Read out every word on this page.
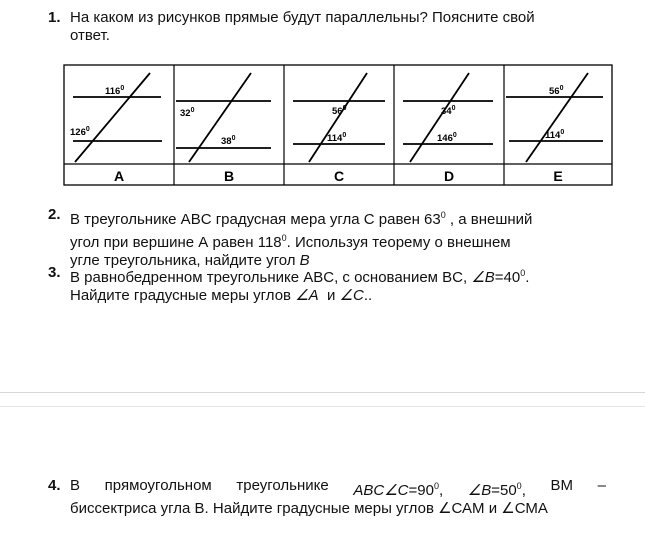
1. На каком из рисунков прямые будут параллельны? Поясните свой
ответ.
$116^0$
$126^0$
A
$32^0$
$38^0$
B
$56^0$
$114^0$
C
$34^0$
$146^0$
D
$56^0$
$114^0$
E
2. В треугольнике ABC градусная мера угла С равен $63^0$ , а внешний
угол при вершине А равен $118^0$. Используя теорему о внешнем
угле треугольника, найдите угол B
3. В равнобедренном треугольнике ABC, с основанием BC, $\angle B=40^0$.
Найдите градусные меры углов ∠A  и ∠C..
4. В прямоугольном треугольнике $ABC\angle C=90^0$, $\angle B=50^0$, BM –
биссектриса угла В. Найдите градусные меры углов ∠САМ и ∠СМА
